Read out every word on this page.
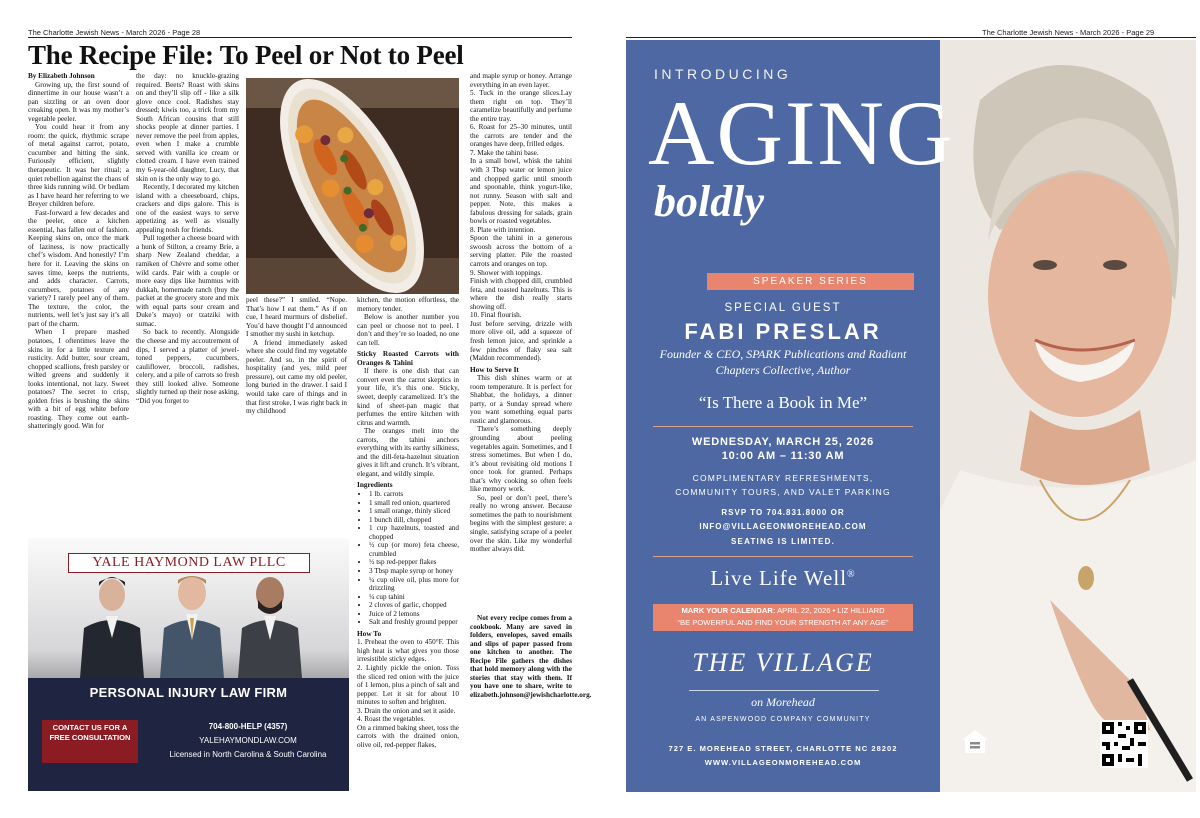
The Charlotte Jewish News - March 2026 - Page 28
The Recipe File: To Peel or Not to Peel

By Elizabeth Johnson

Growing up, the first sound of dinnertime in our house wasn’t a pan sizzling or an oven door creaking open. It was my mother’s vegetable peeler.

You could hear it from any room: the quick, rhythmic scrape of metal against carrot, potato, cucumber and hitting the sink. Furiously efficient, slightly therapeutic. It was her ritual; a quiet rebellion against the chaos of three kids running wild. Or bedlam as I have heard her referring to we Breyer children before.

Fast-forward a few decades and the peeler, once a kitchen essential, has fallen out of fashion. Keeping skins on, once the mark of laziness, is now practically chef’s wisdom. And honestly? I’m here for it. Leaving the skins on saves time, keeps the nutrients, and adds character. Carrots, cucumbers, potatoes of any variety? I rarely peel any of them. The texture, the color, the nutrients, well let’s just say it’s all part of the charm.

When I prepare mashed potatoes, I oftentimes leave the skins in for a little texture and rusticity. Add butter, sour cream, chopped scallions, fresh parsley or wilted greens and suddenly it looks intentional, not lazy. Sweet potatoes? The secret to crisp, golden fries is brushing the skins with a bit of egg white before roasting. They come out earth-shatteringly good. Win for

the day: no knuckle-grazing required. Beets? Roast with skins on and they’ll slip off - like a silk glove once cool. Radishes stay dressed; kiwis too, a trick from my South African cousins that still shocks people at dinner parties. I never remove the peel from apples, even when I make a crumble served with vanilla ice cream or clotted cream. I have even trained my 6-year-old daughter, Lucy, that skin on is the only way to go.

Recently, I decorated my kitchen island with a cheeseboard, chips, crackers and dips galore. This is one of the easiest ways to serve appetizing as well as visually appealing nosh for friends.

Pull together a cheese board with a hunk of Stilton, a creamy Brie, a sharp New Zealand cheddar, a ramiken of Chèvre and some other wild cards. Pair with a couple or more easy dips like hummus with dukkah, homemade ranch (buy the packet at the grocery store and mix with equal parts sour cream and Duke’s mayo) or tzatziki with sumac.

So back to recently. Alongside the cheese and my accoutrement of dips, I served a platter of jewel-toned peppers, cucumbers, cauliflower, broccoli, radishes, celery, and a pile of carrots so fresh they still looked alive. Someone slightly turned up their nose asking, “Did you forget to

peel these?” I smiled. “Nope. That’s how I eat them.” As if on cue, I heard murmurs of disbelief. You’d have thought I’d announced I smother my sushi in ketchup.

A friend immediately asked where she could find my vegetable peeler. And so, in the spirit of hospitality (and yes, mild peer pressure), out came my old peeler, long buried in the drawer. I said I would take care of things and in that first stroke, I was right back in my childhood

kitchen, the motion effortless, the memory tender.

Below is another number you can peel or choose not to peel. I don’t and they’re so loaded, no one can tell.

Sticky Roasted Carrots with Oranges & Tahini

If there is one dish that can convert even the carrot skeptics in your life, it’s this one. Sticky, sweet, deeply caramelized. It’s the kind of sheet-pan magic that perfumes the entire kitchen with citrus and warmth.

The oranges melt into the carrots, the tahini anchors everything with its earthy silkiness, and the dill-feta-hazelnut situation gives it lift and crunch. It’s vibrant, elegant, and wildly simple.

Ingredients
• 1 lb. carrots
• 1 small red onion, quartered
• 1 small orange, thinly sliced
• 1 bunch dill, chopped
• 1 cup hazelnuts, toasted and chopped
• ½ cup (or more) feta cheese, crumbled
• ½ tsp red-pepper flakes
• 3 Tbsp maple syrup or honey
• ¼ cup olive oil, plus more for drizzling
• ¼ cup tahini
• 2 cloves of garlic, chopped
• Juice of 2 lemons
• Salt and freshly ground pepper
How To

1. Preheat the oven to 450°F. This high heat is what gives you those irresistible sticky edges.

2. Lightly pickle the onion. Toss the sliced red onion with the juice of 1 lemon, plus a pinch of salt and pepper. Let it sit for about 10 minutes to soften and brighten.

3. Drain the onion and set it aside.

4. Roast the vegetables.

On a rimmed baking sheet, toss the carrots with the drained onion, olive oil, red-pepper flakes,

and maple syrup or honey. Arrange everything in an even layer.

5. Tuck in the orange slices.Lay them right on top. They’ll caramelize beautifully and perfume the entire tray.

6. Roast for 25–30 minutes, until the carrots are tender and the oranges have deep, frilled edges.

7. Make the tahini base.

In a small bowl, whisk the tahini with 3 Tbsp water or lemon juice and chopped garlic until smooth and spoonable, think yogurt-like, not runny. Season with salt and pepper. Note, this makes a fabulous dressing for salads, grain bowls or roasted vegetables.

8. Plate with intention.

Spoon the tahini in a generous swoosh across the bottom of a serving platter. Pile the roasted carrots and oranges on top.

9. Shower with toppings.

Finish with chopped dill, crumbled feta, and toasted hazelnuts. This is where the dish really starts showing off.

10. Final flourish.

Just before serving, drizzle with more olive oil, add a squeeze of fresh lemon juice, and sprinkle a few pinches of flaky sea salt (Maldon recommended).

How to Serve It

This dish shines warm or at room temperature. It is perfect for Shabbat, the holidays, a dinner party, or a Sunday spread where you want something equal parts rustic and glamorous.

There’s something deeply grounding about peeling vegetables again. Sometimes, and I stress sometimes. But when I do, it’s about revisiting old motions I once took for granted. Perhaps that’s why cooking so often feels like memory work.

So, peel or don’t peel, there’s really no wrong answer. Because sometimes the path to nourishment begins with the simplest gesture: a single, satisfying scrape of a peeler over the skin. Like my wonderful mother always did.

Not every recipe comes from a cookbook. Many are saved in folders, envelopes, saved emails and slips of paper passed from one kitchen to another. The Recipe File gathers the dishes that hold memory along with the stories that stay with them. If you have one to share, write to elizabeth.johnson@jewishcharlotte.org.

YALE HAYMOND LAW PLLC
PERSONAL INJURY LAW FIRM
CONTACT US FOR A FREE CONSULTATION
704-800-HELP (4357)
YALEHAYMONDLAW.COM
Licensed in North Carolina & South Carolina
The Charlotte Jewish News - March 2026 - Page 29
INTRODUCING
AGING
boldly
SPEAKER SERIES
SPECIAL GUEST
FABI PRESLAR
Founder & CEO, SPARK Publications and Radiant Chapters Collective, Author
“Is There a Book in Me”
WEDNESDAY, MARCH 25, 2026
10:00 AM – 11:30 AM
COMPLIMENTARY REFRESHMENTS,
COMMUNITY TOURS, AND VALET PARKING
RSVP TO 704.831.8000 OR
INFO@VILLAGEONMOREHEAD.COM
SEATING IS LIMITED.
Live Life Well®
MARK YOUR CALENDAR: APRIL 22, 2026 • LIZ HILLIARD
“BE POWERFUL AND FIND YOUR STRENGTH AT ANY AGE”
THE VILLAGE
on Morehead
AN ASPENWOOD COMPANY COMMUNITY
727 E. MOREHEAD STREET, CHARLOTTE NC 28202
WWW.VILLAGEONMOREHEAD.COM
